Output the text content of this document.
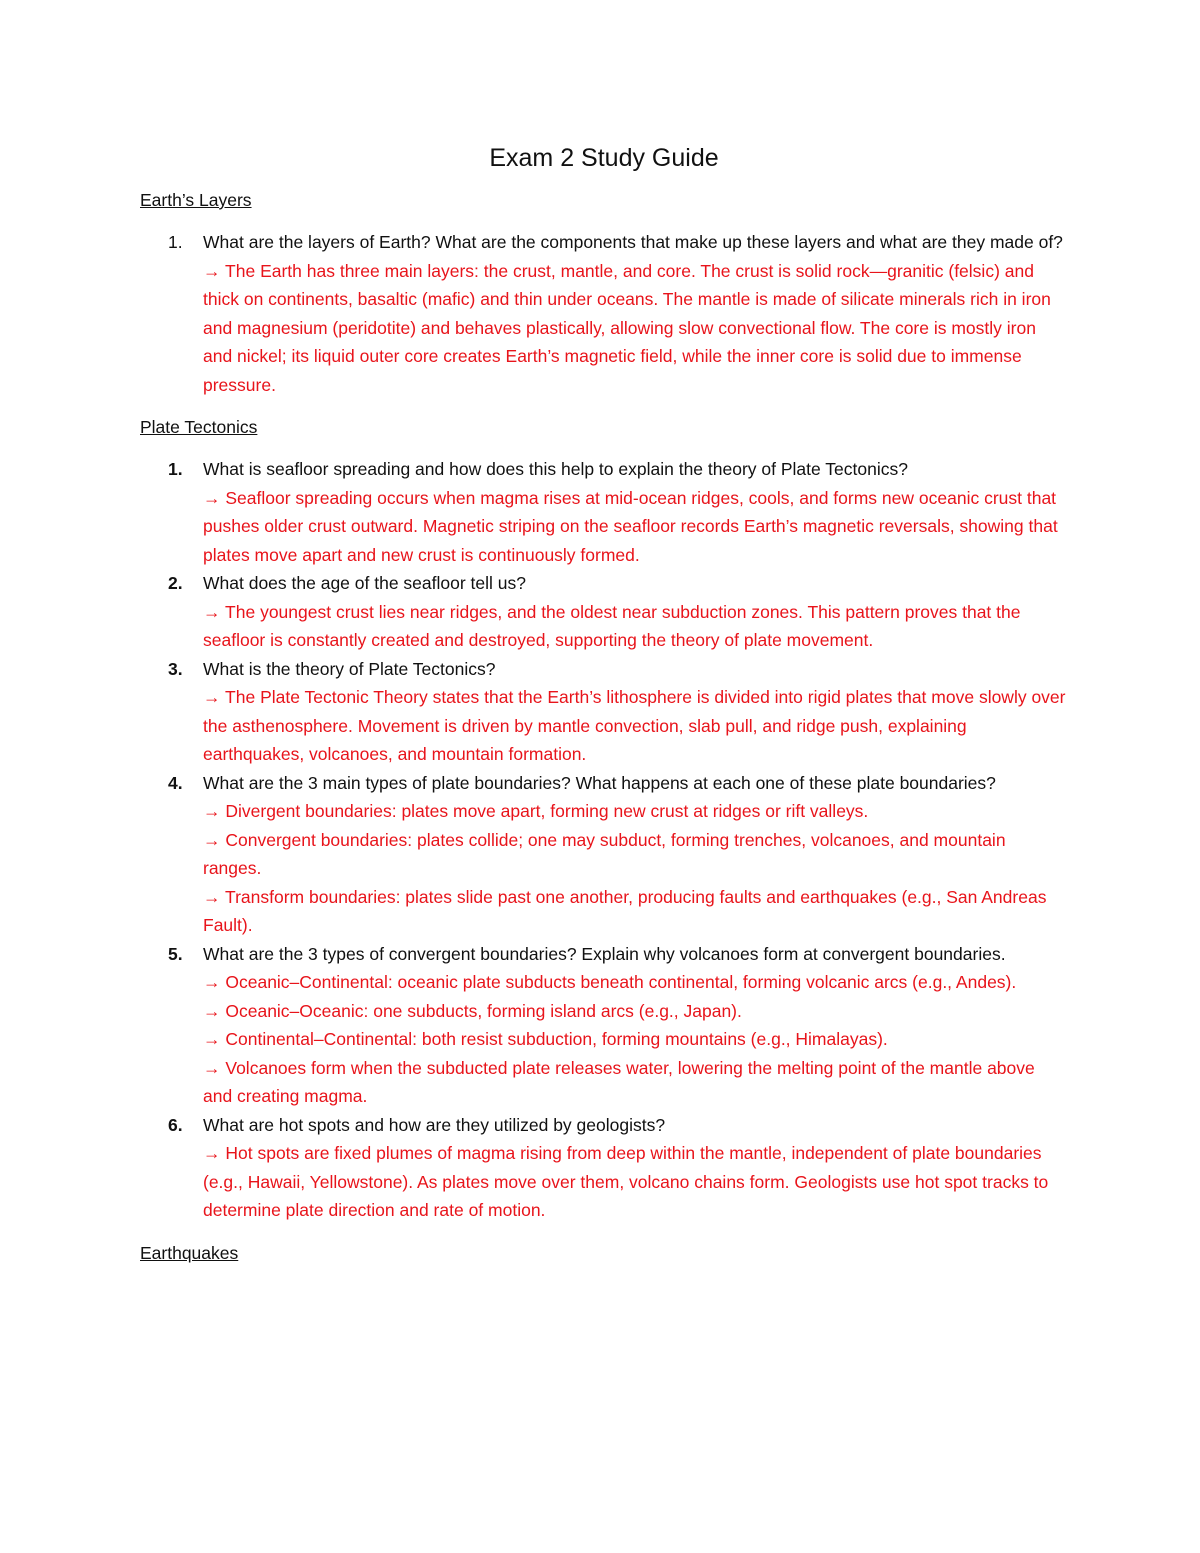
Exam 2 Study Guide
Earth’s Layers
1. What are the layers of Earth? What are the components that make up these layers and what are they made of?
→ The Earth has three main layers: the crust, mantle, and core. The crust is solid rock—granitic (felsic) and thick on continents, basaltic (mafic) and thin under oceans. The mantle is made of silicate minerals rich in iron and magnesium (peridotite) and behaves plastically, allowing slow convectional flow. The core is mostly iron and nickel; its liquid outer core creates Earth’s magnetic field, while the inner core is solid due to immense pressure.
Plate Tectonics
1. What is seafloor spreading and how does this help to explain the theory of Plate Tectonics?
→ Seafloor spreading occurs when magma rises at mid-ocean ridges, cools, and forms new oceanic crust that pushes older crust outward. Magnetic striping on the seafloor records Earth’s magnetic reversals, showing that plates move apart and new crust is continuously formed.
2. What does the age of the seafloor tell us?
→ The youngest crust lies near ridges, and the oldest near subduction zones. This pattern proves that the seafloor is constantly created and destroyed, supporting the theory of plate movement.
3. What is the theory of Plate Tectonics?
→ The Plate Tectonic Theory states that the Earth’s lithosphere is divided into rigid plates that move slowly over the asthenosphere. Movement is driven by mantle convection, slab pull, and ridge push, explaining earthquakes, volcanoes, and mountain formation.
4. What are the 3 main types of plate boundaries? What happens at each one of these plate boundaries?
→ Divergent boundaries: plates move apart, forming new crust at ridges or rift valleys.
→ Convergent boundaries: plates collide; one may subduct, forming trenches, volcanoes, and mountain ranges.
→ Transform boundaries: plates slide past one another, producing faults and earthquakes (e.g., San Andreas Fault).
5. What are the 3 types of convergent boundaries? Explain why volcanoes form at convergent boundaries.
→ Oceanic–Continental: oceanic plate subducts beneath continental, forming volcanic arcs (e.g., Andes).
→ Oceanic–Oceanic: one subducts, forming island arcs (e.g., Japan).
→ Continental–Continental: both resist subduction, forming mountains (e.g., Himalayas).
→ Volcanoes form when the subducted plate releases water, lowering the melting point of the mantle above and creating magma.
6. What are hot spots and how are they utilized by geologists?
→ Hot spots are fixed plumes of magma rising from deep within the mantle, independent of plate boundaries (e.g., Hawaii, Yellowstone). As plates move over them, volcano chains form. Geologists use hot spot tracks to determine plate direction and rate of motion.
Earthquakes
